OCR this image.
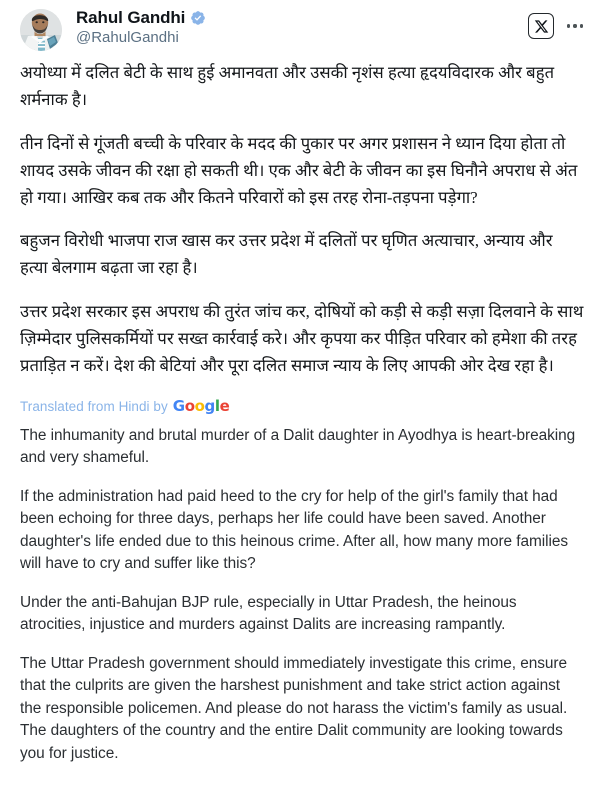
Rahul Gandhi
@RahulGandhi

अयोध्या में दलित बेटी के साथ हुई अमानवता और उसकी नृशंस हत्या हृदयविदारक और बहुत शर्मनाक है।

तीन दिनों से गूंजती बच्ची के परिवार के मदद की पुकार पर अगर प्रशासन ने ध्यान दिया होता तो शायद उसके जीवन की रक्षा हो सकती थी। एक और बेटी के जीवन का इस घिनौने अपराध से अंत हो गया। आखिर कब तक और कितने परिवारों को इस तरह रोना-तड़पना पड़ेगा?

बहुजन विरोधी भाजपा राज खास कर उत्तर प्रदेश में दलितों पर घृणित अत्याचार, अन्याय और हत्या बेलगाम बढ़ता जा रहा है।

उत्तर प्रदेश सरकार इस अपराध की तुरंत जांच कर, दोषियों को कड़ी से कड़ी सज़ा दिलवाने के साथ ज़िम्मेदार पुलिसकर्मियों पर सख्त कार्रवाई करे। और कृपया कर पीड़ित परिवार को हमेशा की तरह प्रताड़ित न करें। देश की बेटियां और पूरा दलित समाज न्याय के लिए आपकी ओर देख रहा है।

Translated from Hindi by Google

The inhumanity and brutal murder of a Dalit daughter in Ayodhya is heart-breaking and very shameful.

If the administration had paid heed to the cry for help of the girl's family that had been echoing for three days, perhaps her life could have been saved. Another daughter's life ended due to this heinous crime. After all, how many more families will have to cry and suffer like this?

Under the anti-Bahujan BJP rule, especially in Uttar Pradesh, the heinous atrocities, injustice and murders against Dalits are increasing rampantly.

The Uttar Pradesh government should immediately investigate this crime, ensure that the culprits are given the harshest punishment and take strict action against the responsible policemen. And please do not harass the victim's family as usual. The daughters of the country and the entire Dalit community are looking towards you for justice.
